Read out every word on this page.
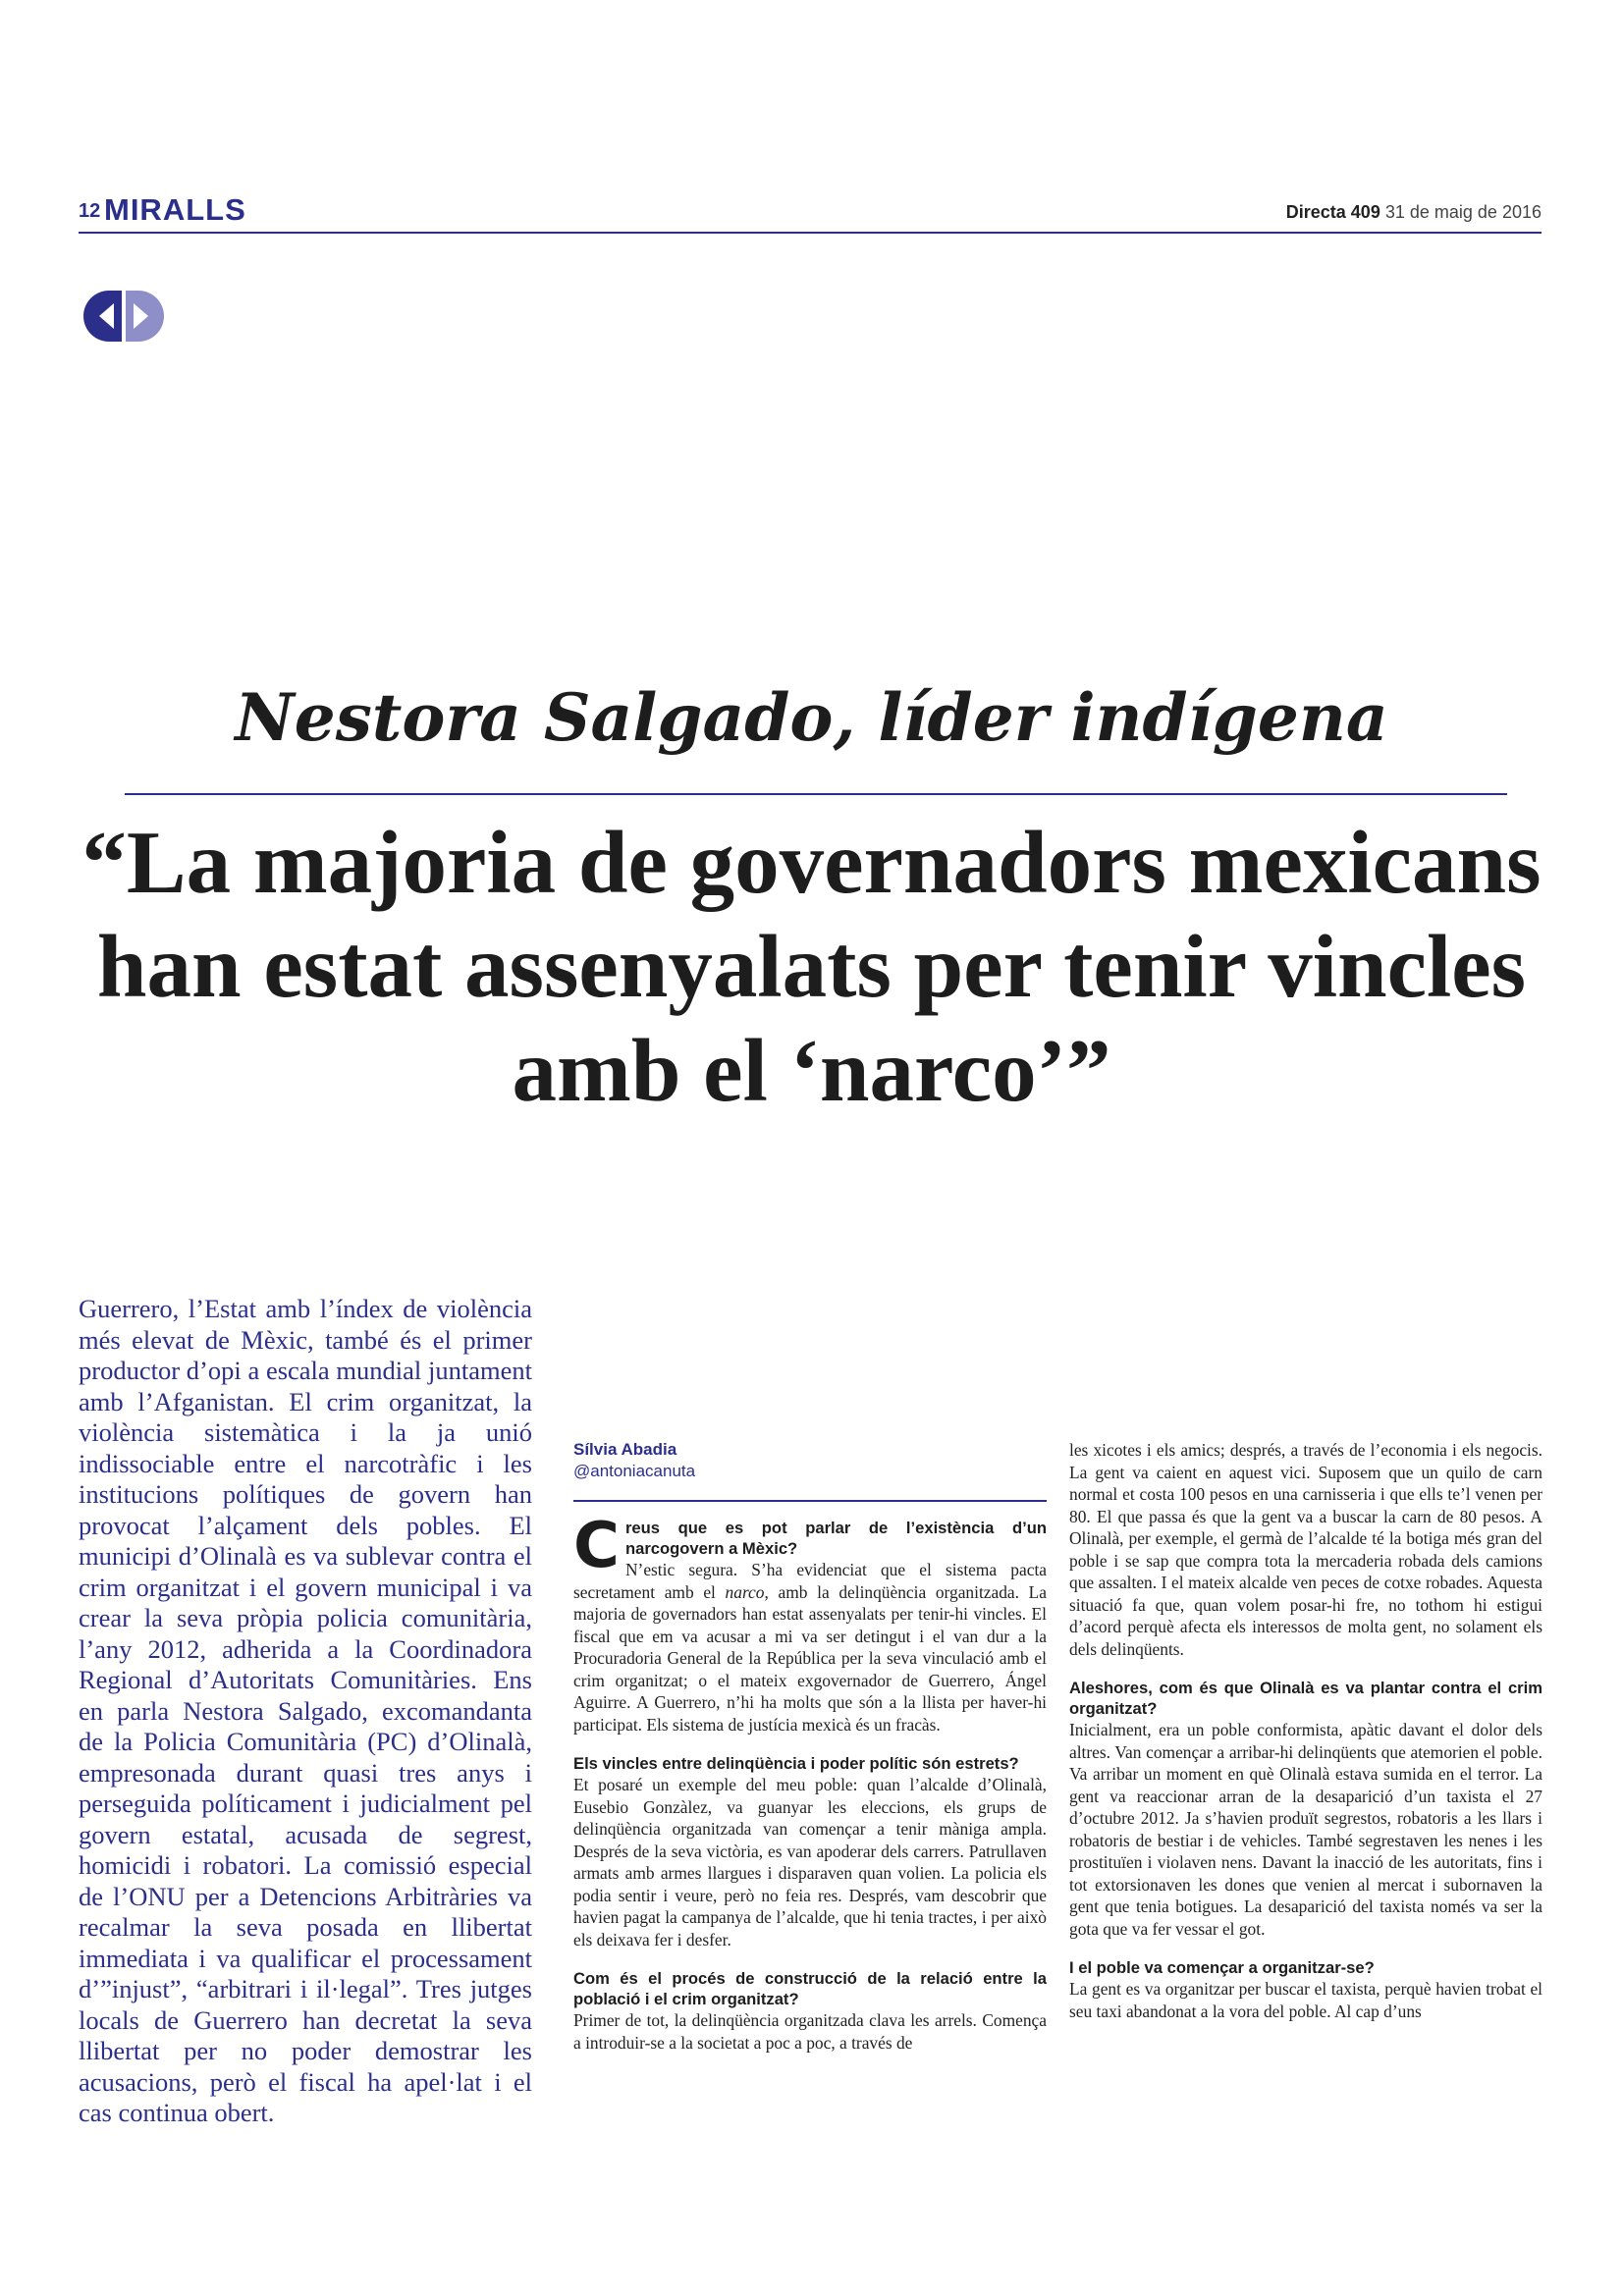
12 MIRALLS	Directa 409 31 de maig de 2016
Nestora Salgado, líder indígena
“La majoria de governadors mexicans han estat assenyalats per tenir vincles amb el ‘narco’”

Guerrero, l’Estat amb l’índex de violència més elevat de Mèxic, també és el primer productor d’opi a escala mundial juntament amb l’Afganistan. El crim organitzat, la violència sistemàtica i la ja unió indissociable entre el narcotràfic i les institucions polítiques de govern han provocat l’alçament dels pobles. El municipi d’Olinalà es va sublevar contra el crim organitzat i el govern municipal i va crear la seva pròpia policia comunitària, l’any 2012, adherida a la Coordinadora Regional d’Autoritats Comunitàries. Ens en parla Nestora Salgado, excomandanta de la Policia Comunitària (PC) d’Olinalà, empresonada durant quasi tres anys i perseguida políticament i judicialment pel govern estatal, acusada de segrest, homicidi i robatori. La comissió especial de l’ONU per a Detencions Arbitràries va recalmar la seva posada en llibertat immediata i va qualificar el processament d’”injust”, “arbitrari i il·legal”. Tres jutges locals de Guerrero han decretat la seva llibertat per no poder demostrar les acusacions, però el fiscal ha apel·lat i el cas continua obert.

Sílvia Abadia
@antoniacanuta

Creus que es pot parlar de l’existència d’un narcogovern a Mèxic?

N’estic segura. S’ha evidenciat que el sistema pacta secretament amb el narco, amb la delinqüència organitzada. La majoria de governadors han estat assenyalats per tenir-hi vincles. El fiscal que em va acusar a mi va ser detingut i el van dur a la Procuradoria General de la República per la seva vinculació amb el crim organitzat; o el mateix exgovernador de Guerrero, Ángel Aguirre. A Guerrero, n’hi ha molts que són a la llista per haver-hi participat. Els sistema de justícia mexicà és un fracàs.

Els vincles entre delinqüència i poder polític són estrets?

Et posaré un exemple del meu poble: quan l’alcalde d’Olinalà, Eusebio Gonzàlez, va guanyar les eleccions, els grups de delinqüència organitzada van començar a tenir màniga ampla. Després de la seva victòria, es van apoderar dels carrers. Patrullaven armats amb armes llargues i disparaven quan volien. La policia els podia sentir i veure, però no feia res. Després, vam descobrir que havien pagat la campanya de l’alcalde, que hi tenia tractes, i per això els deixava fer i desfer.

Com és el procés de construcció de la relació entre la població i el crim organitzat?

Primer de tot, la delinqüència organitzada clava les arrels. Comença a introduir-se a la societat a poc a poc, a través de

les xicotes i els amics; després, a través de l’economia i els negocis. La gent va caient en aquest vici. Suposem que un quilo de carn normal et costa 100 pesos en una carnisseria i que ells te’l venen per 80. El que passa és que la gent va a buscar la carn de 80 pesos. A Olinalà, per exemple, el germà de l’alcalde té la botiga més gran del poble i se sap que compra tota la mercaderia robada dels camions que assalten. I el mateix alcalde ven peces de cotxe robades. Aquesta situació fa que, quan volem posar-hi fre, no tothom hi estigui d’acord perquè afecta els interessos de molta gent, no solament els dels delinqüents.

Aleshores, com és que Olinalà es va plantar contra el crim organitzat?

Inicialment, era un poble conformista, apàtic davant el dolor dels altres. Van començar a arribar-hi delinqüents que atemorien el poble. Va arribar un moment en què Olinalà estava sumida en el terror. La gent va reaccionar arran de la desaparició d’un taxista el 27 d’octubre 2012. Ja s’havien produït segrestos, robatoris a les llars i robatoris de bestiar i de vehicles. També segrestaven les nenes i les prostituïen i violaven nens. Davant la inacció de les autoritats, fins i tot extorsionaven les dones que venien al mercat i subornaven la gent que tenia botigues. La desaparició del taxista només va ser la gota que va fer vessar el got.

I el poble va començar a organitzar-se?

La gent es va organitzar per buscar el taxista, perquè havien trobat el seu taxi abandonat a la vora del poble. Al cap d’uns
